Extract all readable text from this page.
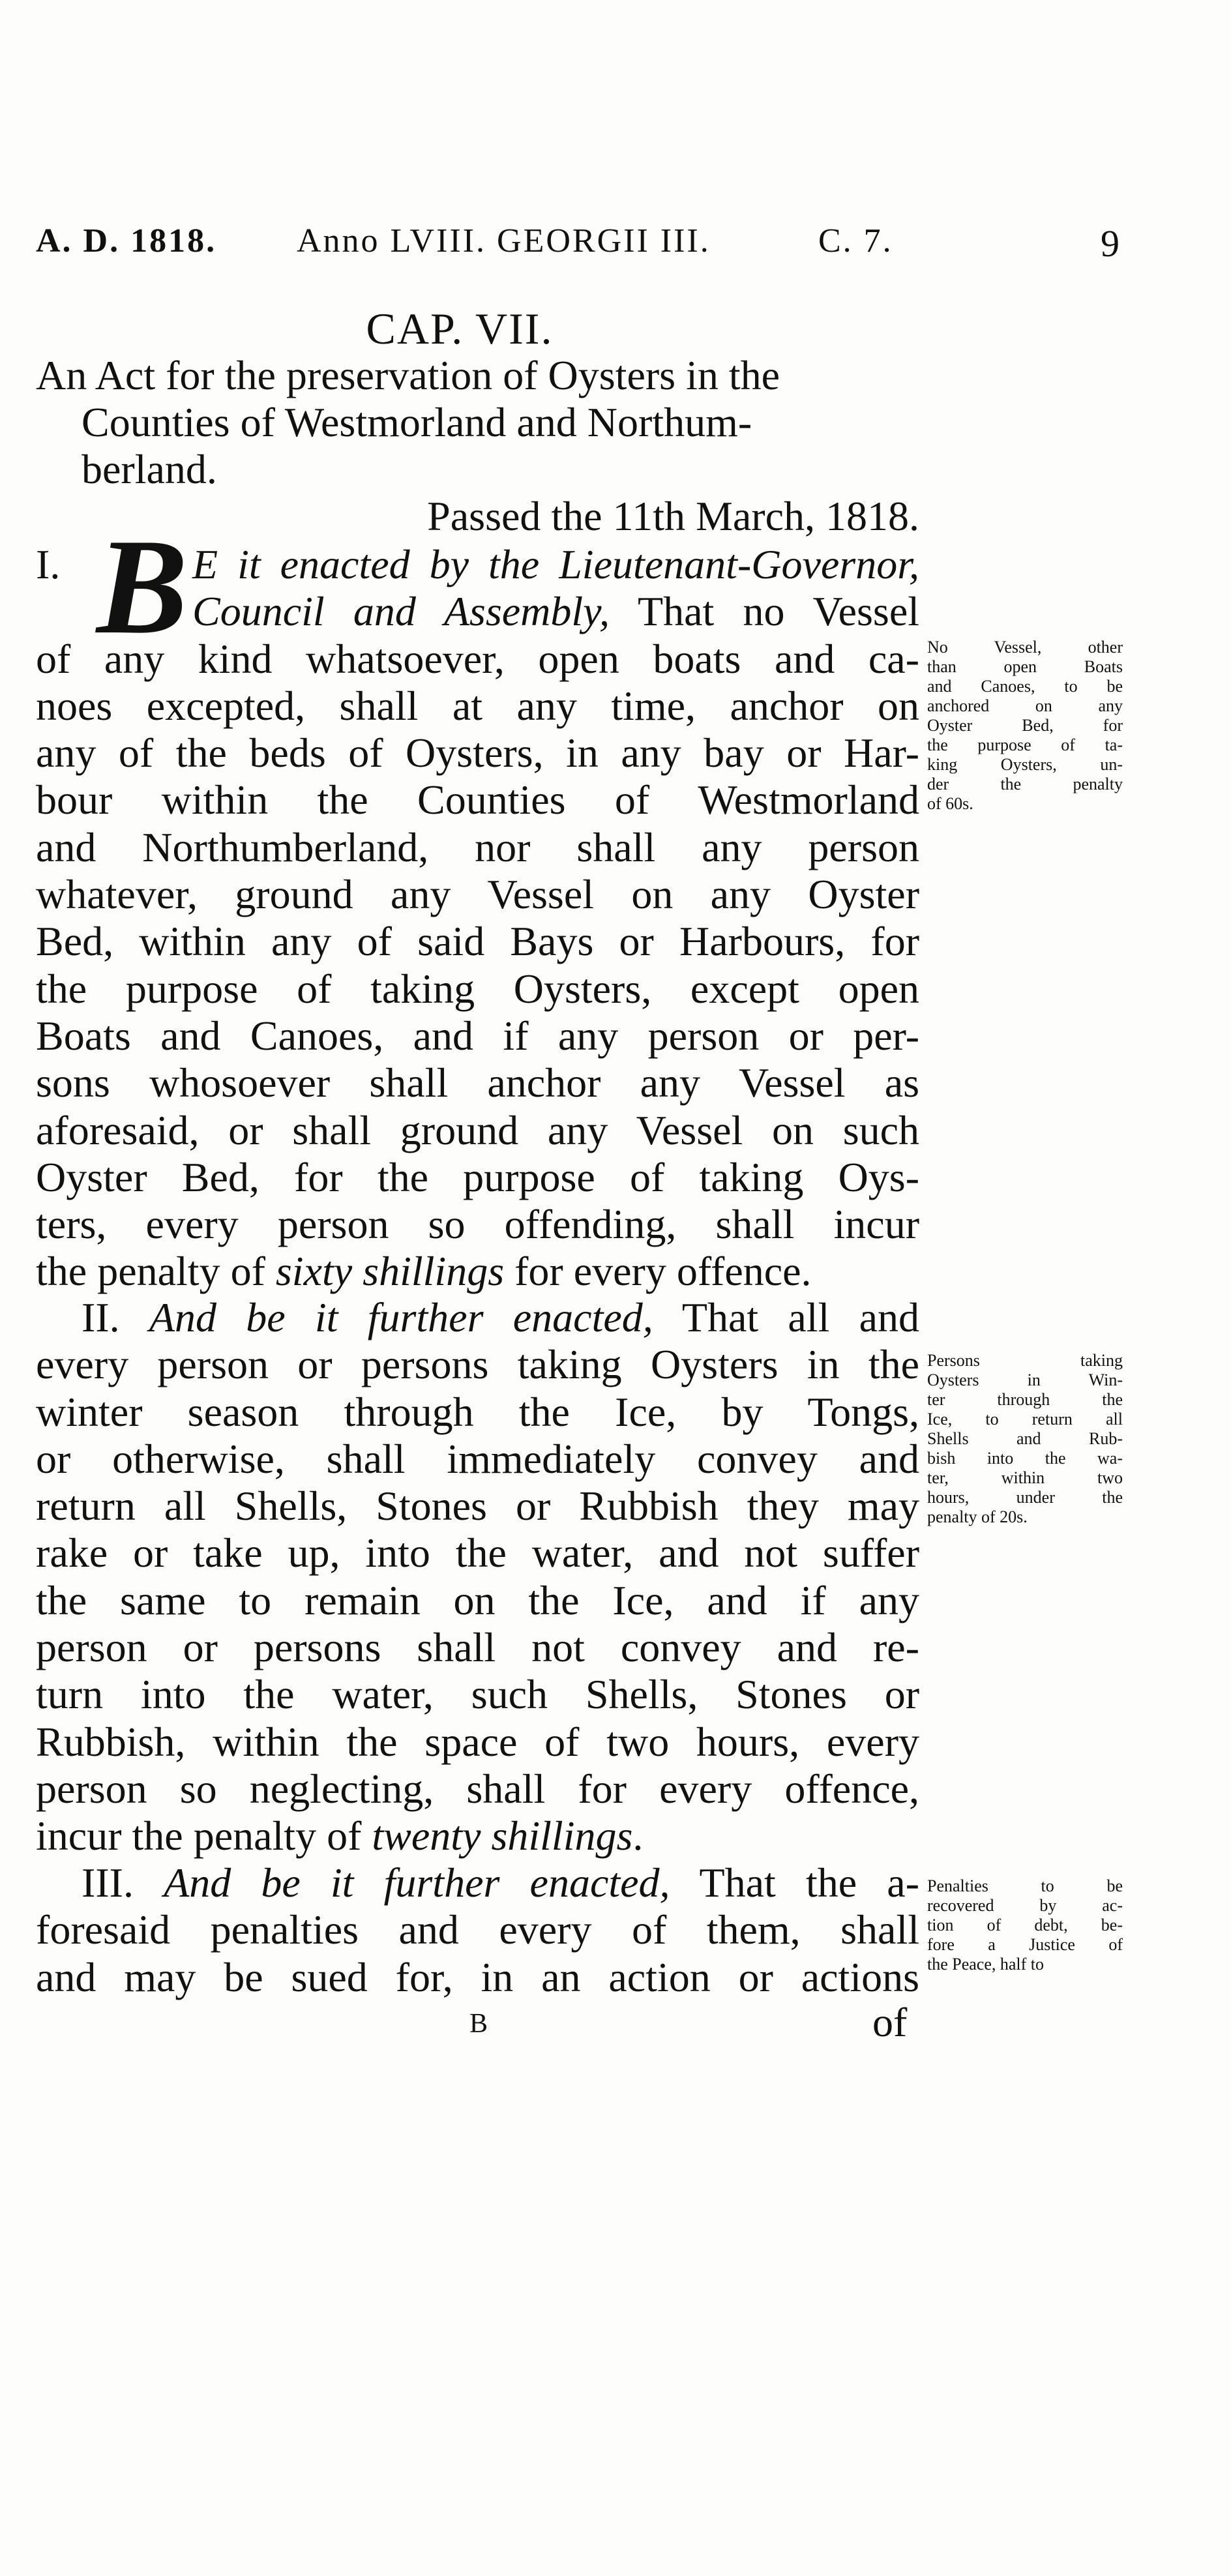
A. D. 1818. Anno LVIII. GEORGII III.	C. 7.	9
CAP. VII.
An Act for the preservation of Oysters in the
Counties of Westmorland and Northum-
berland.
Passed the 11th March, 1818.
B
I.	E it enacted by the Lieutenant-Governor,
Council and Assembly, That no Vessel
of any kind whatsoever, open boats and ca-
noes excepted, shall at any time, anchor on
any of the beds of Oysters, in any bay or Har-
bour within the Counties of Westmorland
and Northumberland, nor shall any person
whatever, ground any Vessel on any Oyster
Bed, within any of said Bays or Harbours, for
the purpose of taking Oysters, except open
Boats and Canoes, and if any person or per-
sons whosoever shall anchor any Vessel as
aforesaid, or shall ground any Vessel on such
Oyster Bed, for the purpose of taking Oys-
ters, every person so offending, shall incur
the penalty of sixty shillings for every offence.
II. And be it further enacted, That all and
every person or persons taking Oysters in the
winter season through the Ice, by Tongs,
or otherwise, shall immediately convey and
return all Shells, Stones or Rubbish they may
rake or take up, into the water, and not suffer
the same to remain on the Ice, and if any
person or persons shall not convey and re-
turn into the water, such Shells, Stones or
Rubbish, within the space of two hours, every
person so neglecting, shall for every offence,
incur the penalty of twenty shillings.
III. And be it further enacted, That the a-
foresaid penalties and every of them, shall
and may be sued for, in an action or actions
No Vessel, other
than open Boats
and Canoes, to be
anchored on any
Oyster Bed, for
the purpose of ta-
king Oysters, un-
der the penalty
of 60s.
Persons taking
Oysters in Win-
ter through the
Ice, to return all
Shells and Rub-
bish into the wa-
ter, within two
hours, under the
penalty of 20s.
Penalties to be
recovered by ac-
tion of debt, be-
fore a Justice of
the Peace, half to
B	of
